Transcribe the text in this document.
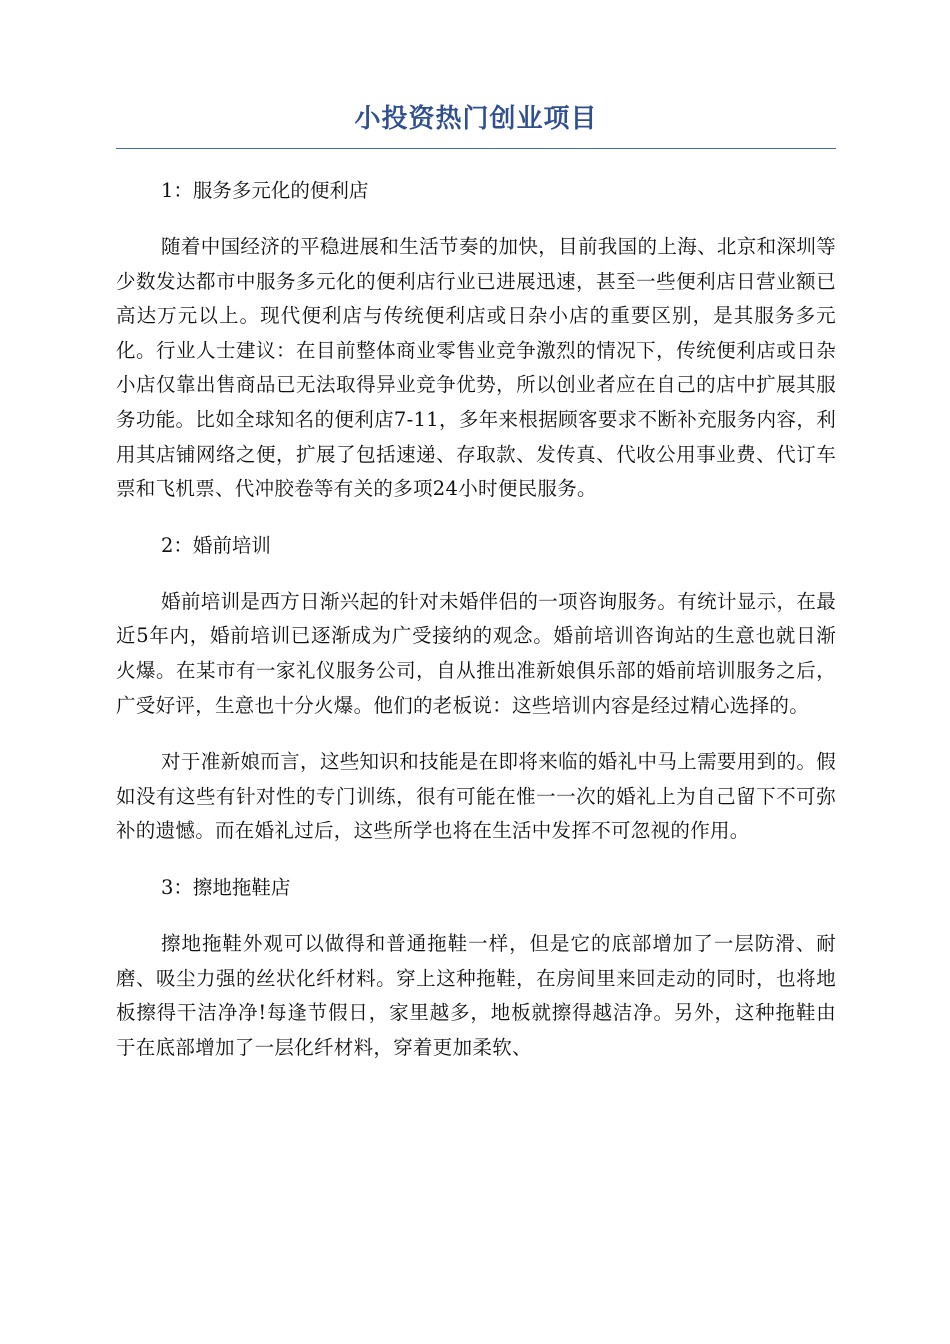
小投资热门创业项目

1：服务多元化的便利店

随着中国经济的平稳进展和生活节奏的加快，目前我国的上海、北京和深圳等少数发达都市中服务多元化的便利店行业已进展迅速，甚至一些便利店日营业额已高达万元以上。现代便利店与传统便利店或日杂小店的重要区别，是其服务多元化。行业人士建议：在目前整体商业零售业竞争激烈的情况下，传统便利店或日杂小店仅靠出售商品已无法取得异业竞争优势，所以创业者应在自己的店中扩展其服务功能。比如全球知名的便利店7-11，多年来根据顾客要求不断补充服务内容，利用其店铺网络之便，扩展了包括速递、存取款、发传真、代收公用事业费、代订车票和飞机票、代冲胶卷等有关的多项24小时便民服务。

2：婚前培训

婚前培训是西方日渐兴起的针对未婚伴侣的一项咨询服务。有统计显示，在最近5年内，婚前培训已逐渐成为广受接纳的观念。婚前培训咨询站的生意也就日渐火爆。在某市有一家礼仪服务公司，自从推出准新娘俱乐部的婚前培训服务之后，广受好评，生意也十分火爆。他们的老板说：这些培训内容是经过精心选择的。

对于准新娘而言，这些知识和技能是在即将来临的婚礼中马上需要用到的。假如没有这些有针对性的专门训练，很有可能在惟一一次的婚礼上为自己留下不可弥补的遗憾。而在婚礼过后，这些所学也将在生活中发挥不可忽视的作用。

3：擦地拖鞋店

擦地拖鞋外观可以做得和普通拖鞋一样，但是它的底部增加了一层防滑、耐磨、吸尘力强的丝状化纤材料。穿上这种拖鞋，在房间里来回走动的同时，也将地板擦得干洁净净!每逢节假日，家里越多，地板就擦得越洁净。另外，这种拖鞋由于在底部增加了一层化纤材料，穿着更加柔软、
